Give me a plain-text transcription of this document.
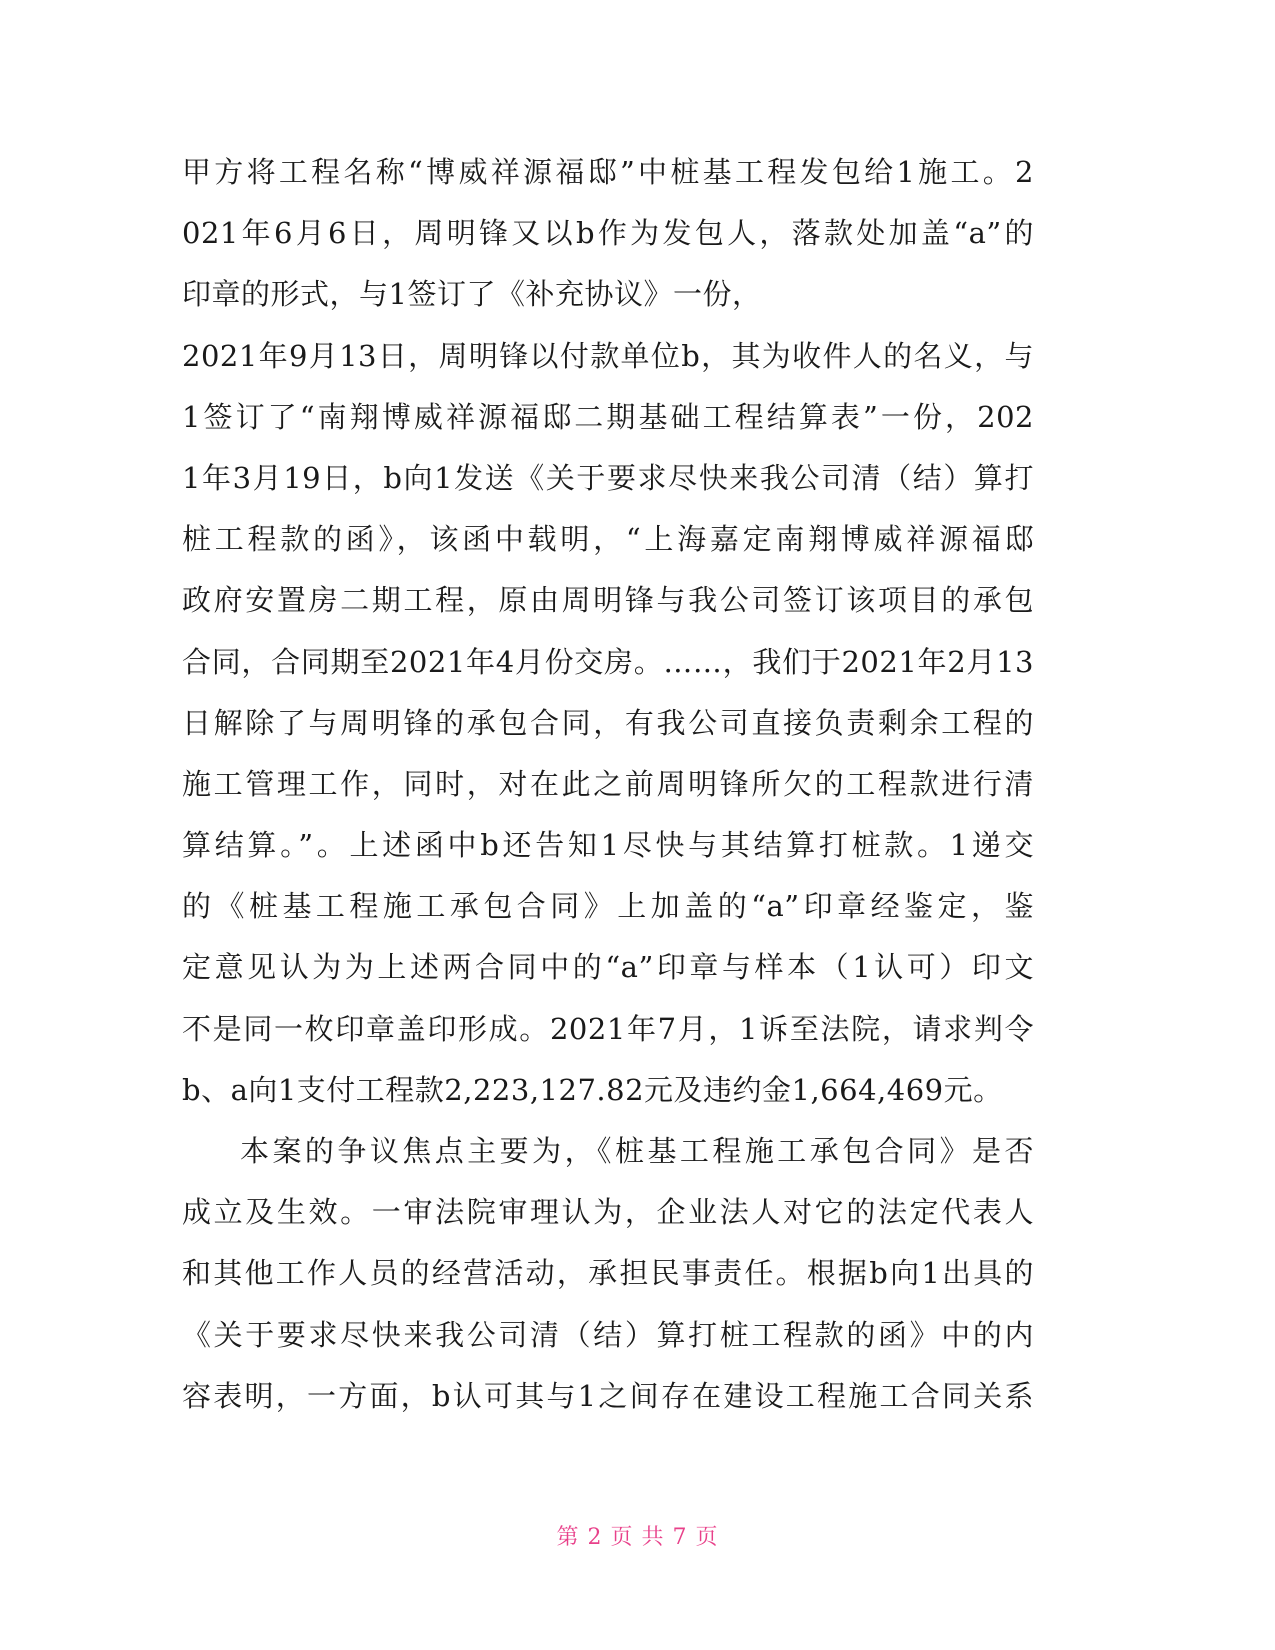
甲方将工程名称“博威祥源福邸”中桩基工程发包给1施工。2
021年6月6日，周明锋又以b作为发包人，落款处加盖“a”的
印章的形式，与1签订了《补充协议》一份，
2021年9月13日，周明锋以付款单位b，其为收件人的名义，与
1签订了“南翔博威祥源福邸二期基础工程结算表”一份，202
1年3月19日，b向1发送《关于要求尽快来我公司清（结）算打
桩工程款的函》，该函中载明，“上海嘉定南翔博威祥源福邸
政府安置房二期工程，原由周明锋与我公司签订该项目的承包
合同，合同期至2021年4月份交房。……，我们于2021年2月13
日解除了与周明锋的承包合同，有我公司直接负责剩余工程的
施工管理工作，同时，对在此之前周明锋所欠的工程款进行清
算结算。”。上述函中b还告知1尽快与其结算打桩款。1递交
的《桩基工程施工承包合同》上加盖的“a”印章经鉴定，鉴
定意见认为为上述两合同中的“a”印章与样本（1认可）印文
不是同一枚印章盖印形成。2021年7月，1诉至法院，请求判令
b、a向1支付工程款2,223,127.82元及违约金1,664,469元。
本案的争议焦点主要为，《桩基工程施工承包合同》是否
成立及生效。一审法院审理认为，企业法人对它的法定代表人
和其他工作人员的经营活动，承担民事责任。根据b向1出具的
《关于要求尽快来我公司清（结）算打桩工程款的函》中的内
容表明，一方面，b认可其与1之间存在建设工程施工合同关系
第 2 页 共 7 页
